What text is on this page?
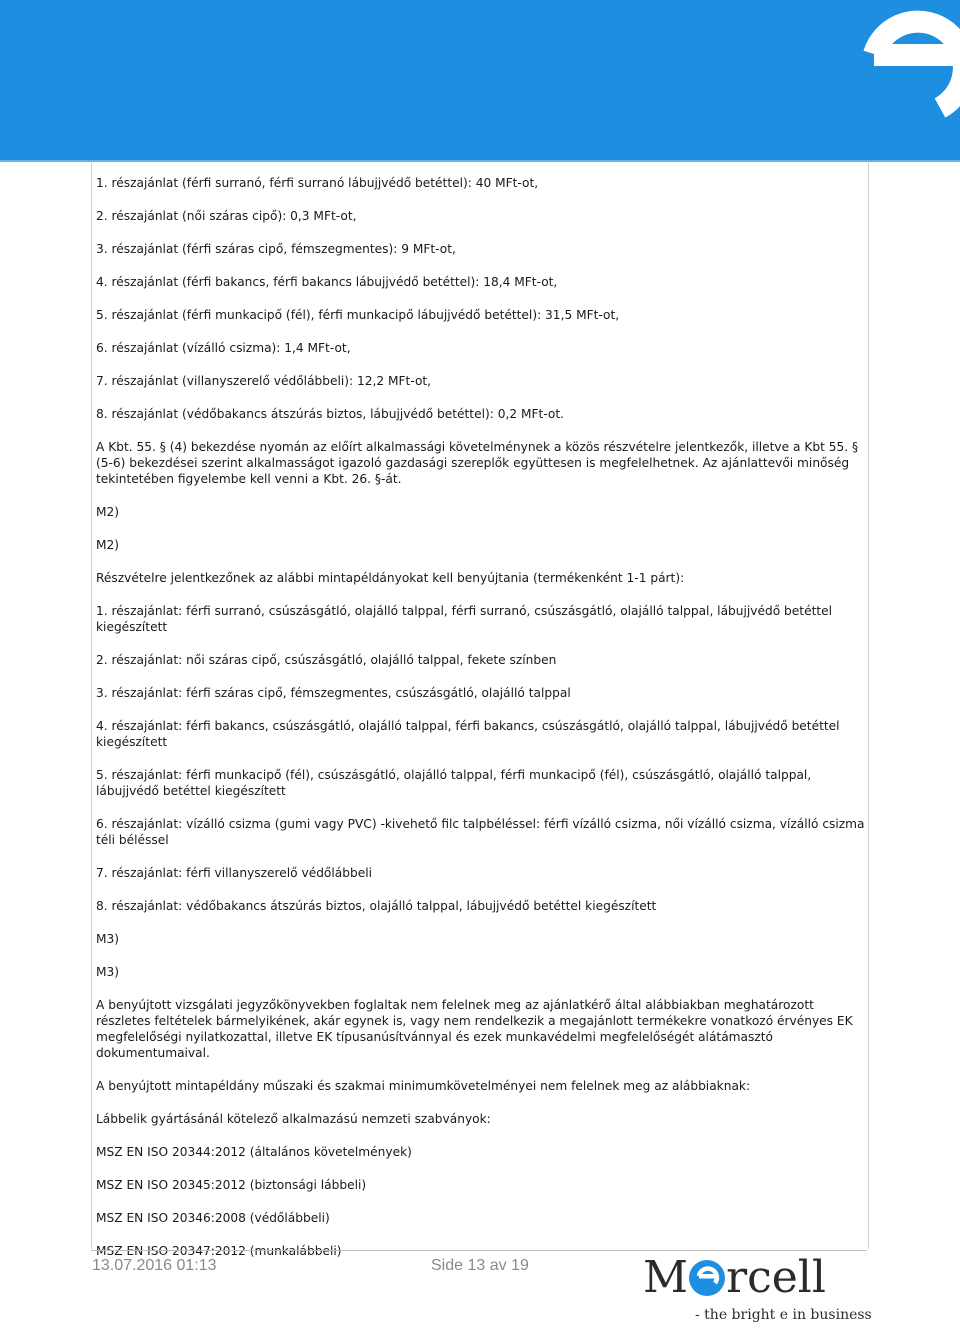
1. részajánlat (férfi surranó, férfi surranó lábujjvédő betéttel): 40 MFt-ot,

2. részajánlat (női száras cipő): 0,3 MFt-ot,

3. részajánlat (férfi száras cipő, fémszegmentes): 9 MFt-ot,

4. részajánlat (férfi bakancs, férfi bakancs lábujjvédő betéttel): 18,4 MFt-ot,

5. részajánlat (férfi munkacipő (fél), férfi munkacipő lábujjvédő betéttel): 31,5 MFt-ot,

6. részajánlat (vízálló csizma): 1,4 MFt-ot,

7. részajánlat (villanyszerelő védőlábbeli): 12,2 MFt-ot,

8. részajánlat (védőbakancs átszúrás biztos, lábujjvédő betéttel): 0,2 MFt-ot.

A Kbt. 55. § (4) bekezdése nyomán az előírt alkalmassági követelménynek a közös részvételre jelentkezők, illetve a Kbt 55. § (5-6) bekezdései szerint alkalmasságot igazoló gazdasági szereplők együttesen is megfelelhetnek. Az ajánlattevői minőség tekintetében figyelembe kell venni a Kbt. 26. §-át.

M2)

M2)

Részvételre jelentkezőnek az alábbi mintapéldányokat kell benyújtania (termékenként 1-1 párt):

1. részajánlat: férfi surranó, csúszásgátló, olajálló talppal, férfi surranó, csúszásgátló, olajálló talppal, lábujjvédő betéttel kiegészített

2. részajánlat: női száras cipő, csúszásgátló, olajálló talppal, fekete színben

3. részajánlat: férfi száras cipő, fémszegmentes, csúszásgátló, olajálló talppal

4. részajánlat: férfi bakancs, csúszásgátló, olajálló talppal, férfi bakancs, csúszásgátló, olajálló talppal, lábujjvédő betéttel kiegészített

5. részajánlat: férfi munkacipő (fél), csúszásgátló, olajálló talppal, férfi munkacipő (fél), csúszásgátló, olajálló talppal, lábujjvédő betéttel kiegészített

6. részajánlat: vízálló csizma (gumi vagy PVC) -kivehető filc talpbéléssel: férfi vízálló csizma, női vízálló csizma, vízálló csizma téli béléssel

7. részajánlat: férfi villanyszerelő védőlábbeli

8. részajánlat: védőbakancs átszúrás biztos, olajálló talppal, lábujjvédő betéttel kiegészített

M3)

M3)

A benyújtott vizsgálati jegyzőkönyvekben foglaltak nem felelnek meg az ajánlatkérő által alábbiakban meghatározott részletes feltételek bármelyikének, akár egynek is, vagy nem rendelkezik a megajánlott termékekre vonatkozó érvényes EK megfelelőségi nyilatkozattal, illetve EK típusanúsítvánnyal és ezek munkavédelmi megfelelőségét alátámasztó dokumentumaival.

A benyújtott mintapéldány műszaki és szakmai minimumkövetelményei nem felelnek meg az alábbiaknak:

Lábbelik gyártásánál kötelező alkalmazású nemzeti szabványok:

MSZ EN ISO 20344:2012 (általános követelmények)

MSZ EN ISO 20345:2012 (biztonsági lábbeli)

MSZ EN ISO 20346:2008 (védőlábbeli)

MSZ EN ISO 20347:2012 (munkalábbeli)

13.07.2016 01:13	Side 13 av 19	M rcell
- the bright e in business
